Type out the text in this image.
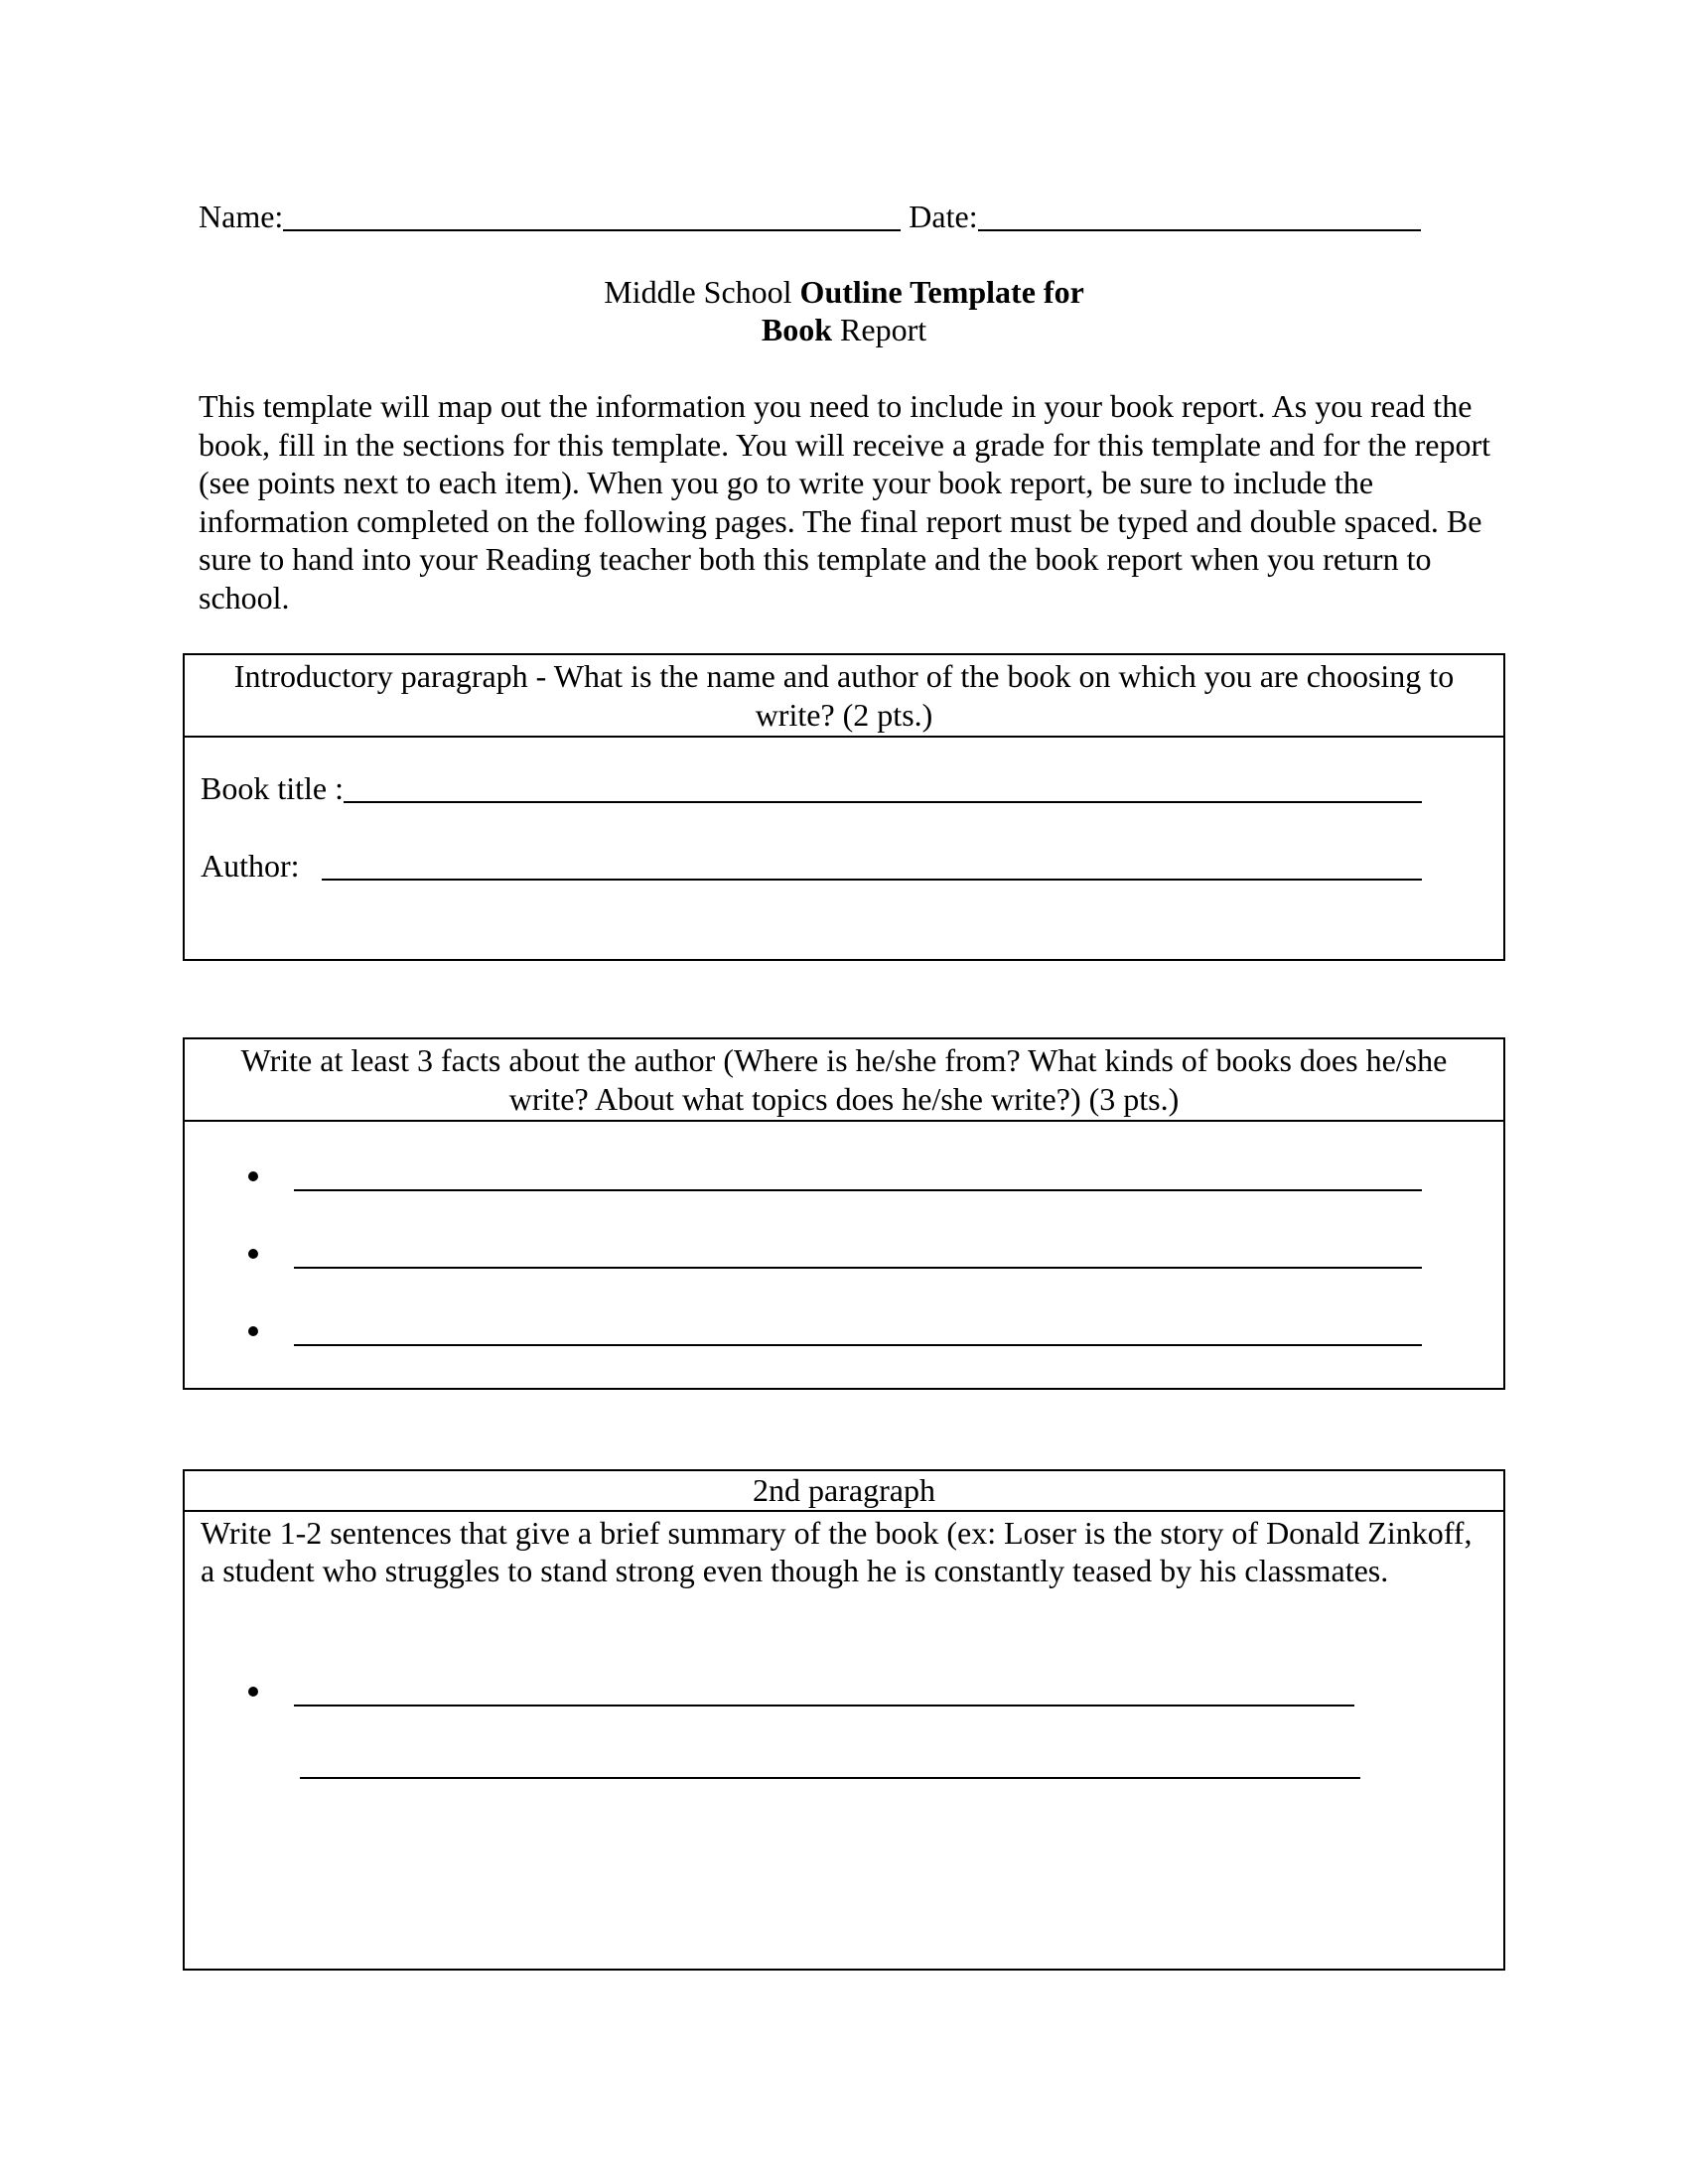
Name:	Date:
Middle School Outline Template for
Book Report
This template will map out the information you need to include in your book report. As you read the book, fill in the sections for this template. You will receive a grade for this template and for the report (see points next to each item). When you go to write your book report, be sure to include the information completed on the following pages. The final report must be typed and double spaced. Be sure to hand into your Reading teacher both this template and the book report when you return to school.
Introductory paragraph - What is the name and author of the book on which you are choosing to write? (2 pts.)
Book title :
Author:
Write at least 3 facts about the author (Where is he/she from? What kinds of books does he/she write? About what topics does he/she write?) (3 pts.)
2nd paragraph
Write 1-2 sentences that give a brief summary of the book (ex: Loser is the story of Donald Zinkoff, a student who struggles to stand strong even though he is constantly teased by his classmates.
